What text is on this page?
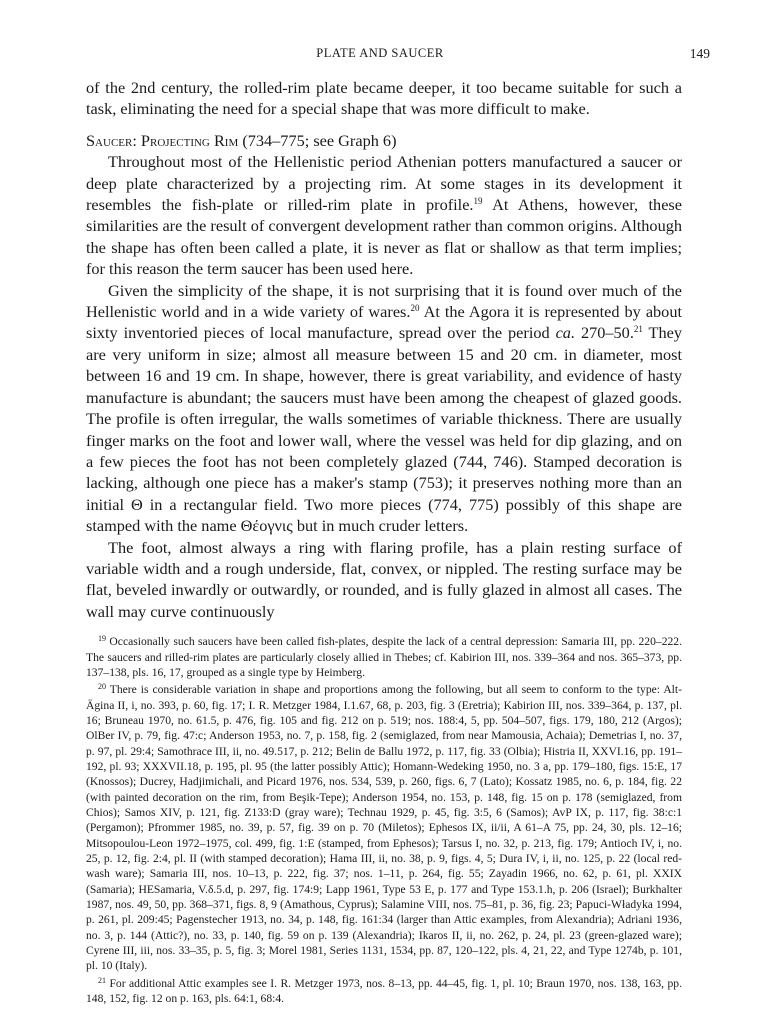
PLATE AND SAUCER	149

of the 2nd century, the rolled-rim plate became deeper, it too became suitable for such a task, eliminating the need for a special shape that was more difficult to make.

Saucer: Projecting Rim (734–775; see Graph 6)

Throughout most of the Hellenistic period Athenian potters manufactured a saucer or deep plate characterized by a projecting rim. At some stages in its development it resembles the fish-plate or rilled-rim plate in profile.$^{19}$ At Athens, however, these similarities are the result of convergent development rather than common origins. Although the shape has often been called a plate, it is never as flat or shallow as that term implies; for this reason the term saucer has been used here.

Given the simplicity of the shape, it is not surprising that it is found over much of the Hellenistic world and in a wide variety of wares.$^{20}$ At the Agora it is represented by about sixty inventoried pieces of local manufacture, spread over the period ca. 270–50.21 They are very uniform in size; almost all measure between 15 and 20 cm. in diameter, most between 16 and 19 cm. In shape, however, there is great variability, and evidence of hasty manufacture is abundant; the saucers must have been among the cheapest of glazed goods. The profile is often irregular, the walls sometimes of variable thickness. There are usually finger marks on the foot and lower wall, where the vessel was held for dip glazing, and on a few pieces the foot has not been completely glazed (744, 746). Stamped decoration is lacking, although one piece has a maker's stamp (753); it preserves nothing more than an initial Θ in a rectangular field. Two more pieces (774, 775) possibly of this shape are stamped with the name Θέογνις but in much cruder letters.

The foot, almost always a ring with flaring profile, has a plain resting surface of variable width and a rough underside, flat, convex, or nippled. The resting surface may be flat, beveled inwardly or outwardly, or rounded, and is fully glazed in almost all cases. The wall may curve continuously

$^{19}$ Occasionally such saucers have been called fish-plates, despite the lack of a central depression: Samaria III, pp. 220–222. The saucers and rilled-rim plates are particularly closely allied in Thebes; cf. Kabirion III, nos. 339–364 and nos. 365–373, pp. 137–138, pls. 16, 17, grouped as a single type by Heimberg.

$^{20}$ There is considerable variation in shape and proportions among the following, but all seem to conform to the type: Alt-Ägina II, i, no. 393, p. 60, fig. 17; I. R. Metzger 1984, I.1.67, 68, p. 203, fig. 3 (Eretria); Kabirion III, nos. 339–364, p. 137, pl. 16; Bruneau 1970, no. 61.5, p. 476, fig. 105 and fig. 212 on p. 519; nos. 188:4, 5, pp. 504–507, figs. 179, 180, 212 (Argos); OlBer IV, p. 79, fig. 47:c; Anderson 1953, no. 7, p. 158, fig. 2 (semiglazed, from near Mamousia, Achaia); Demetrias I, no. 37, p. 97, pl. 29:4; Samothrace III, ii, no. 49.517, p. 212; Belin de Ballu 1972, p. 117, fig. 33 (Olbia); Histria II, XXVI.16, pp. 191–192, pl. 93; XXXVII.18, p. 195, pl. 95 (the latter possibly Attic); Homann-Wedeking 1950, no. 3 a, pp. 179–180, figs. 15:E, 17 (Knossos); Ducrey, Hadjimichali, and Picard 1976, nos. 534, 539, p. 260, figs. 6, 7 (Lato); Kossatz 1985, no. 6, p. 184, fig. 22 (with painted decoration on the rim, from Beşik-Tepe); Anderson 1954, no. 153, p. 148, fig. 15 on p. 178 (semiglazed, from Chios); Samos XIV, p. 121, fig. Z133:D (gray ware); Technau 1929, p. 45, fig. 3:5, 6 (Samos); AvP IX, p. 117, fig. 38:c:1 (Pergamon); Pfrommer 1985, no. 39, p. 57, fig. 39 on p. 70 (Miletos); Ephesos IX, ii/ii, A 61–A 75, pp. 24, 30, pls. 12–16; Mitsopoulou-Leon 1972–1975, col. 499, fig. 1:E (stamped, from Ephesos); Tarsus I, no. 32, p. 213, fig. 179; Antioch IV, i, no. 25, p. 12, fig. 2:4, pl. II (with stamped decoration); Hama III, ii, no. 38, p. 9, figs. 4, 5; Dura IV, i, ii, no. 125, p. 22 (local red-wash ware); Samaria III, nos. 10–13, p. 222, fig. 37; nos. 1–11, p. 264, fig. 55; Zayadin 1966, no. 62, p. 61, pl. XXIX (Samaria); HESamaria, V.δ.5.d, p. 297, fig. 174:9; Lapp 1961, Type 53 E, p. 177 and Type 153.1.h, p. 206 (Israel); Burkhalter 1987, nos. 49, 50, pp. 368–371, figs. 8, 9 (Amathous, Cyprus); Salamine VIII, nos. 75–81, p. 36, fig. 23; Papuci-Władyka 1994, p. 261, pl. 209:45; Pagenstecher 1913, no. 34, p. 148, fig. 161:34 (larger than Attic examples, from Alexandria); Adriani 1936, no. 3, p. 144 (Attic?), no. 33, p. 140, fig. 59 on p. 139 (Alexandria); Ikaros II, ii, no. 262, p. 24, pl. 23 (green-glazed ware); Cyrene III, iii, nos. 33–35, p. 5, fig. 3; Morel 1981, Series 1131, 1534, pp. 87, 120–122, pls. 4, 21, 22, and Type 1274b, p. 101, pl. 10 (Italy).

$^{21}$ For additional Attic examples see I. R. Metzger 1973, nos. 8–13, pp. 44–45, fig. 1, pl. 10; Braun 1970, nos. 138, 163, pp. 148, 152, fig. 12 on p. 163, pls. 64:1, 68:4.
